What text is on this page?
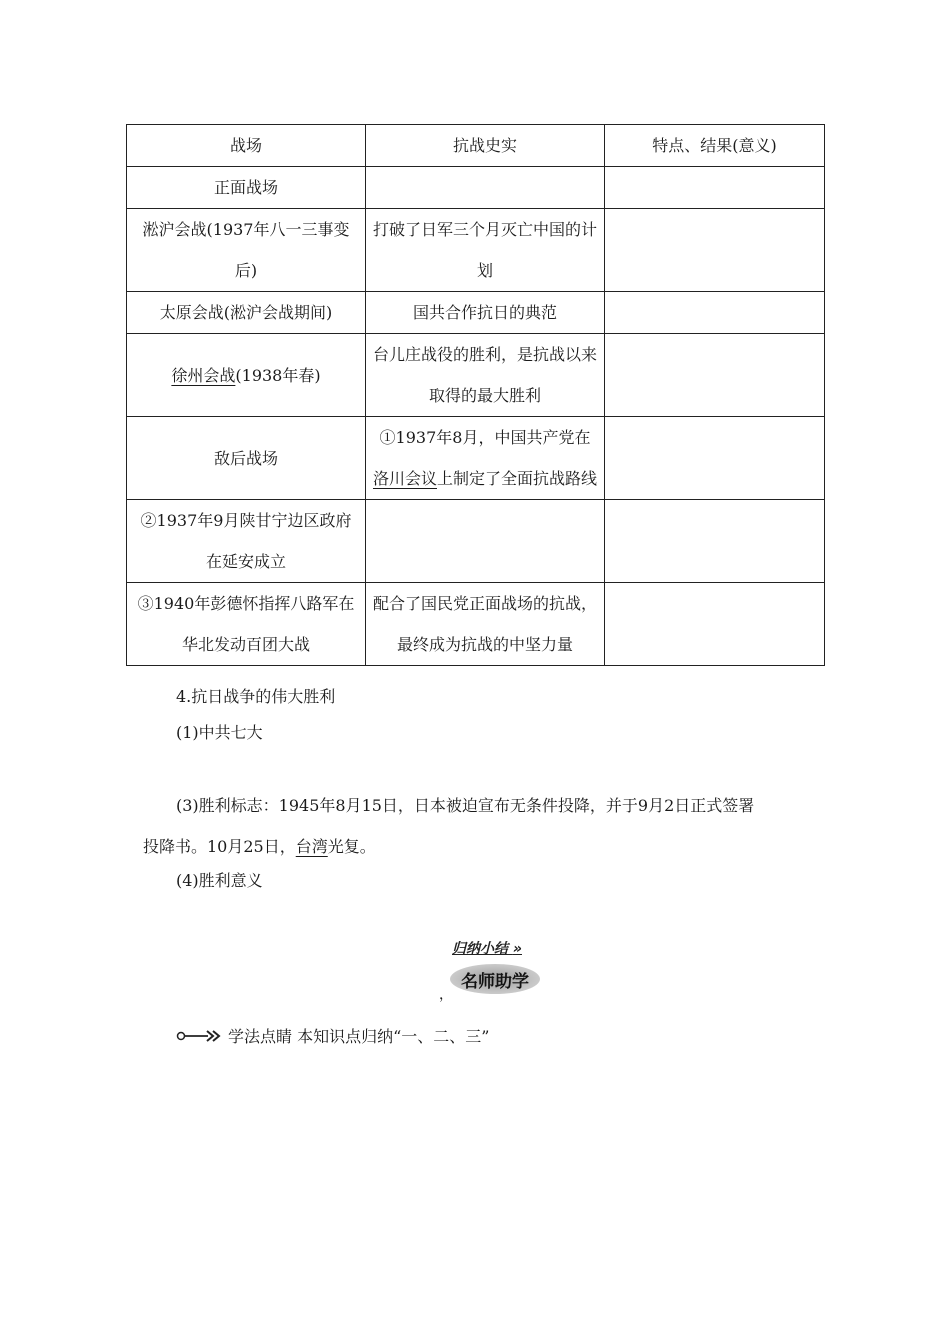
战场	抗战史实	特点、结果(意义)
正面战场		
淞沪会战(1937年八一三事变后)	打破了日军三个月灭亡中国的计划	
太原会战(淞沪会战期间)	国共合作抗日的典范	
徐州会战(1938年春)	台儿庄战役的胜利，是抗战以来取得的最大胜利	
敌后战场	①1937年8月，中国共产党在洛川会议上制定了全面抗战路线	
②1937年9月陕甘宁边区政府在延安成立		
③1940年彭德怀指挥八路军在华北发动百团大战	配合了国民党正面战场的抗战，最终成为抗战的中坚力量	
4.抗日战争的伟大胜利
(1)中共七大
(3)胜利标志：1945年8月15日，日本被迫宣布无条件投降，并于9月2日正式签署
投降书。10月25日，台湾光复。
(4)胜利意义
归纳小结 »
名师助学
，
学法点睛 本知识点归纳“一、二、三”
